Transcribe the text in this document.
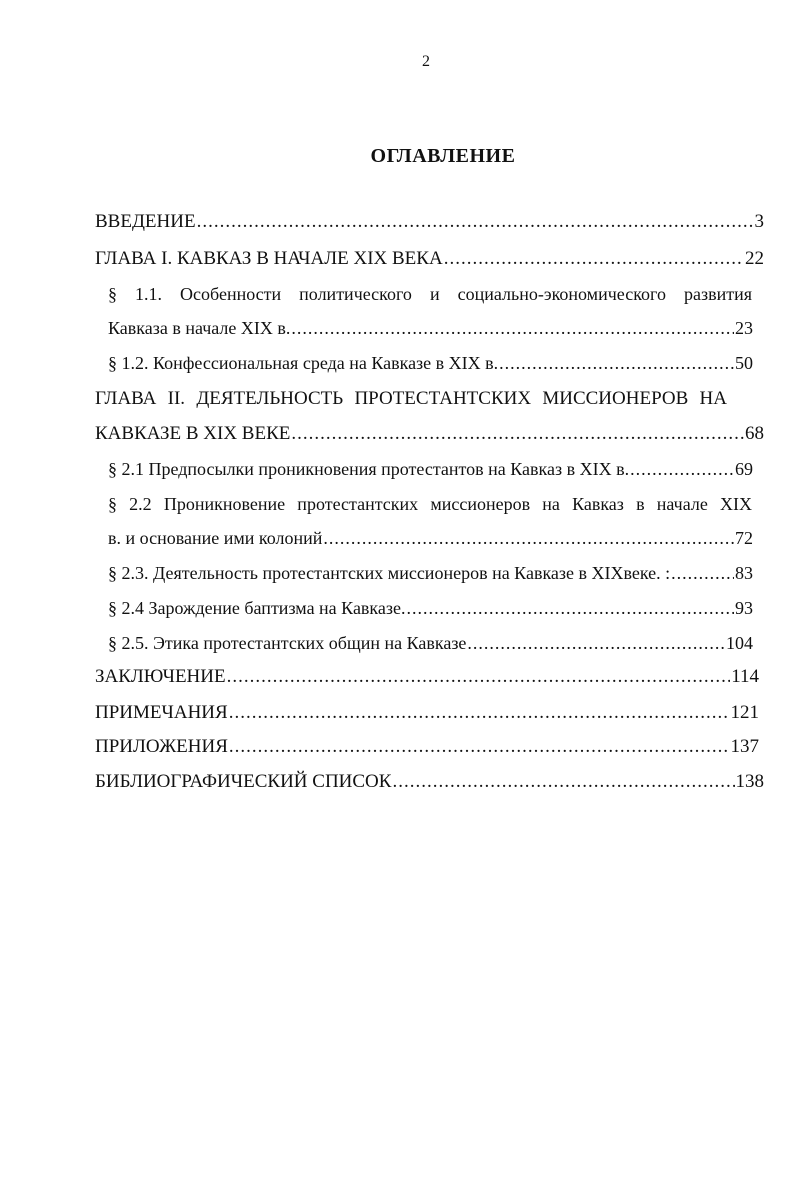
2
ОГЛАВЛЕНИЕ
ВВЕДЕНИЕ .....	3
ГЛАВА I. КАВКАЗ В НАЧАЛЕ XIX ВЕКА .....	22
§ 1.1. Особенности политического и социально-экономического развития
Кавказа в начале XIX в. .....	23
§ 1.2. Конфессиональная среда на Кавказе в XIX в. .....	50
ГЛАВА II. ДЕЯТЕЛЬНОСТЬ ПРОТЕСТАНТСКИХ МИССИОНЕРОВ НА
КАВКАЗЕ В XIX ВЕКЕ .....	68
§ 2.1 Предпосылки проникновения протестантов на Кавказ в XIX в. .....	69
§ 2.2 Проникновение протестантских миссионеров на Кавказ в начале XIX
в. и основание ими колоний .....	72
§ 2.3. Деятельность протестантских миссионеров на Кавказе в XIXвеке. : .....	83
§ 2.4 Зарождение баптизма на Кавказе. .....	93
§ 2.5. Этика протестантских общин на Кавказе .....	104
ЗАКЛЮЧЕНИЕ .....	114
ПРИМЕЧАНИЯ .....	121
ПРИЛОЖЕНИЯ .....	137
БИБЛИОГРАФИЧЕСКИЙ СПИСОК .....	138
